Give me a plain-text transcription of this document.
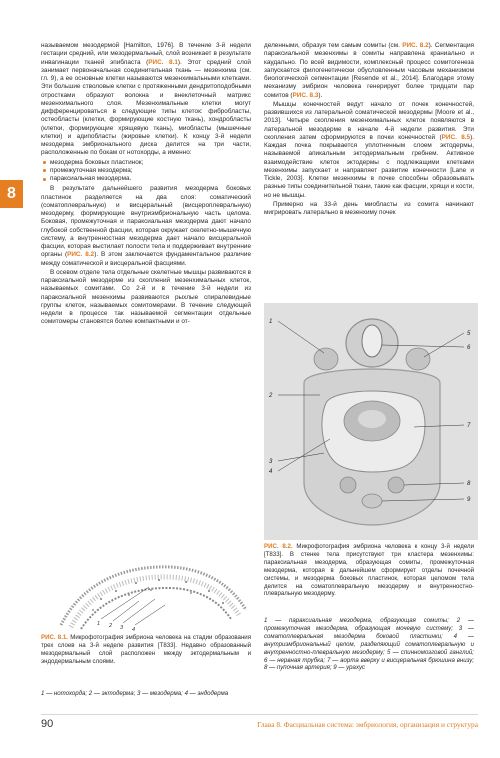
8

называемом мезодермой [Hamilton, 1976]. В течение 3-й недели гестации средний, или мезодермальный, слой возникает в результате инвагинации тканей эпибласта (РИС. 8.1). Этот средний слой занимает первоначальная соединительная ткань — мезенхима (см. гл. 9), а ее основные клетки называются мезенхимальными клетками. Эти большие стволовые клетки с протяженными дендритоподобными отростками образуют волокна и внеклеточный матрикс мезенхимального слоя. Мезенхимальные клетки могут дифференцироваться в следующие типы клеток: фибробласты, остеобласты (клетки, формирующие костную ткань), хондробласты (клетки, формирующие хрящевую ткань), миобласты (мышечные клетки) и адипобласты (жировые клетки). К концу 3-й недели мезодерма эмбрионального диска делится на три части, расположенные по бокам от нотохорды, а именно:

мезодерма боковых пластинок;
промежуточная мезодерма;
параксиальная мезодерма.

В результате дальнейшего развития мезодерма боковых пластинок разделяется на два слоя: соматический (соматоплевральную) и висцеральный (висцероплевральную) мезодерму, формирующие внутриэмбриональную часть целома. Боковая, промежуточная и параксиальная мезодерма дают начало глубокой собственной фасции, которая окружает скелетно-мышечную систему, а внутренностная мезодерма дает начало висцеральной фасции, которая выстилает полости тела и поддерживает внутренние органы (РИС. 8.2). В этом заключается фундаментальное различие между соматической и висцеральной фасциями.

В осевом отделе тела отдельные скелетные мышцы развиваются в параксиальной мезодерме из скоплений мезенхимальных клеток, называемых сомитами. Со 2-й и в течение 3-й недели из параксиальной мезенхимы развиваются рыхлые спиралевидные группы клеток, называемых сомитомерами. В течение следующей недели в процессе так называемой сегментации отдельные сомитомеры становятся более компактными и от-

1 2 3 4
РИС. 8.1. Микрофотография эмбриона человека на стадии образования трех слоев на 3-й неделе развития [T833]. Недавно образованный мезодермальный слой расположен между эктодермальным и эндодермальным слоями.
1 — нотохорда; 2 — эктодерма; 3 — мезодерма; 4 — эндодерма

деленными, образуя тем самым сомиты (см. РИС. 8.2). Сегментация параксиальной мезенхимы в сомиты направлена краниально и каудально. По всей видимости, комплексный процесс сомитогенеза запускается филогенетически обусловленным часовым механизмом биологической сегментации [Resende et al., 2014]. Благодаря этому механизму эмбрион человека генерирует более тридцати пар сомитов (РИС. 8.3).

Мышцы конечностей ведут начало от почек конечностей, развившихся из латеральной соматической мезодермы [Moore et al., 2013]. Четыре скопления мезенхимальных клеток появляются в латеральной мезодерме в начале 4-й недели развития. Эти скопления затем сформируются в почки конечностей (РИС. 8.5). Каждая почка покрывается уплотненным слоем эктодермы, называемой апикальным эктодермальным гребнем. Активное взаимодействие клеток эктодермы с подлежащими клетками мезенхимы запускает и направляет развитие конечности [Lane и Tickle, 2003]. Клетки мезенхимы в почке способны образовывать разные типы соединительной ткани, такие как фасции, хрящи и кости, но не мышцы.

Примерно на 33-й день миобласты из сомита начинают мигрировать латерально в мезенхиму почек

1
2
3
4
5
6
7
8
9
РИС. 8.2. Микрофотография эмбриона человека к концу 3-й недели [T833]. В стенке тела присутствуют три кластера мезенхимы: параксиальная мезодерма, образующая сомиты, промежуточная мезодерма, которая в дальнейшем сформирует отделы почечной системы, и мезодерма боковых пластинок, которая целомом тела делится на соматоплевральную мезодерму и внутренностно-плевральную мезодерму.
1 — параксиальная мезодерма, образующая сомиты; 2 — промежуточная мезодерма, образующая мочевую систему; 3 — соматоплевральная мезодерма боковой пластинки; 4 — внутриэмбриональный целом, разделяющий соматоплевральную и внутренностно-плевральную мезодерму; 5 — спинномозговой ганглий; 6 — нервная трубка; 7 — аорта вверху и висцеральная брюшина внизу; 8 — пупочная артерия; 9 — урахус
90	Глава 8. Фасциальная система: эмбриология, организация и структура
